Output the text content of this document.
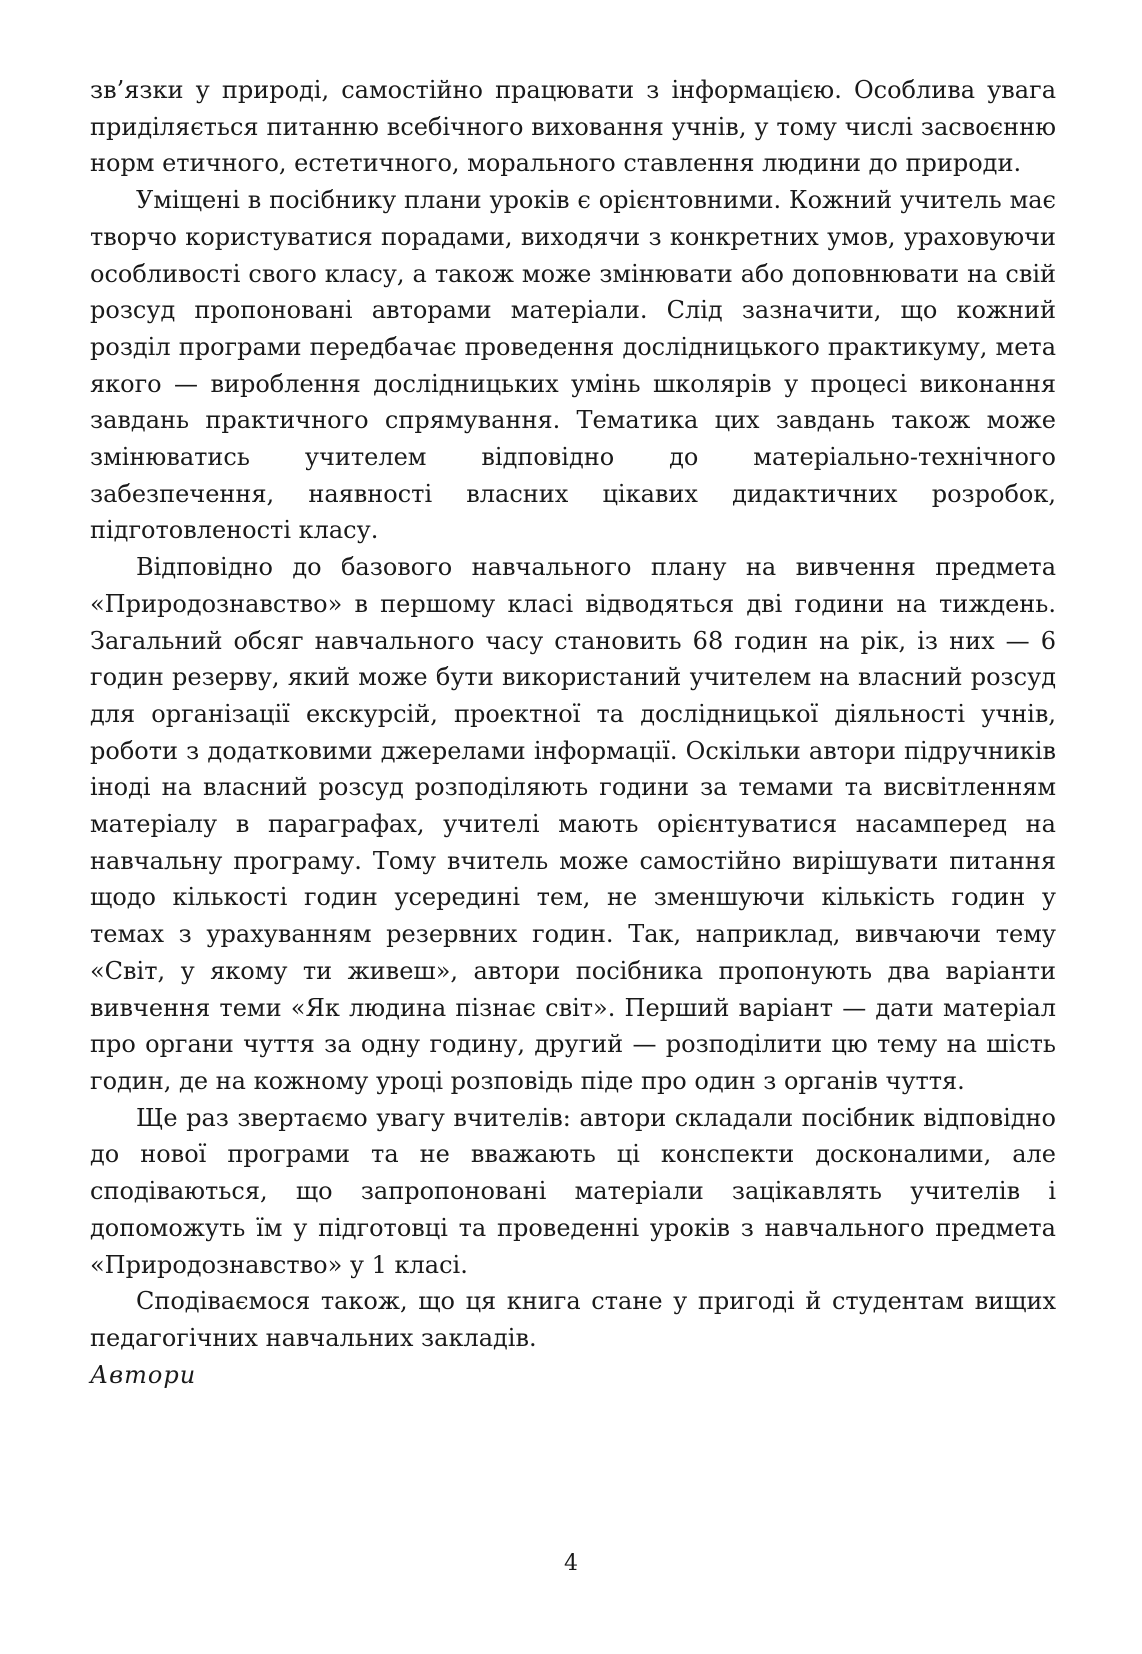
зв’язки у природі, самостійно працювати з інформацією. Особлива увага приділяється питанню всебічного виховання учнів, у тому числі засвоєнню норм етичного, естетичного, морального ставлення людини до природи.

Уміщені в посібнику плани уроків є орієнтовними. Кожний учитель має творчо користуватися порадами, виходячи з конкретних умов, ураховуючи особливості свого класу, а також може змінювати або доповнювати на свій розсуд пропоновані авторами матеріали. Слід зазначити, що кожний розділ програми передбачає проведення дослідницького практикуму, мета якого — вироблення дослідницьких умінь школярів у процесі виконання завдань практичного спрямування. Тематика цих завдань також може змінюватись учителем відповідно до матеріально-технічного забезпечення, наявності власних цікавих дидактичних розробок, підготовленості класу.

Відповідно до базового навчального плану на вивчення предмета «Природознавство» в першому класі відводяться дві години на тиждень. Загальний обсяг навчального часу становить 68 годин на рік, із них — 6 годин резерву, який може бути використаний учителем на власний розсуд для організації екскурсій, проектної та дослідницької діяльності учнів, роботи з додатковими джерелами інформації. Оскільки автори підручників іноді на власний розсуд розподіляють години за темами та висвітленням матеріалу в параграфах, учителі мають орієнтуватися насамперед на навчальну програму. Тому вчитель може самостійно вирішувати питання щодо кількості годин усередині тем, не зменшуючи кількість годин у темах з урахуванням резервних годин. Так, наприклад, вивчаючи тему «Світ, у якому ти живеш», автори посібника пропонують два варіанти вивчення теми «Як людина пізнає світ». Перший варіант — дати матеріал про органи чуття за одну годину, другий — розподілити цю тему на шість годин, де на кожному уроці розповідь піде про один з органів чуття.

Ще раз звертаємо увагу вчителів: автори складали посібник відповідно до нової програми та не вважають ці конспекти досконалими, але сподіваються, що запропоновані матеріали зацікавлять учителів і допоможуть їм у підготовці та проведенні уроків з навчального предмета «Природознавство» у 1 класі.

Сподіваємося також, що ця книга стане у пригоді й студентам вищих педагогічних навчальних закладів.

Автори

4
